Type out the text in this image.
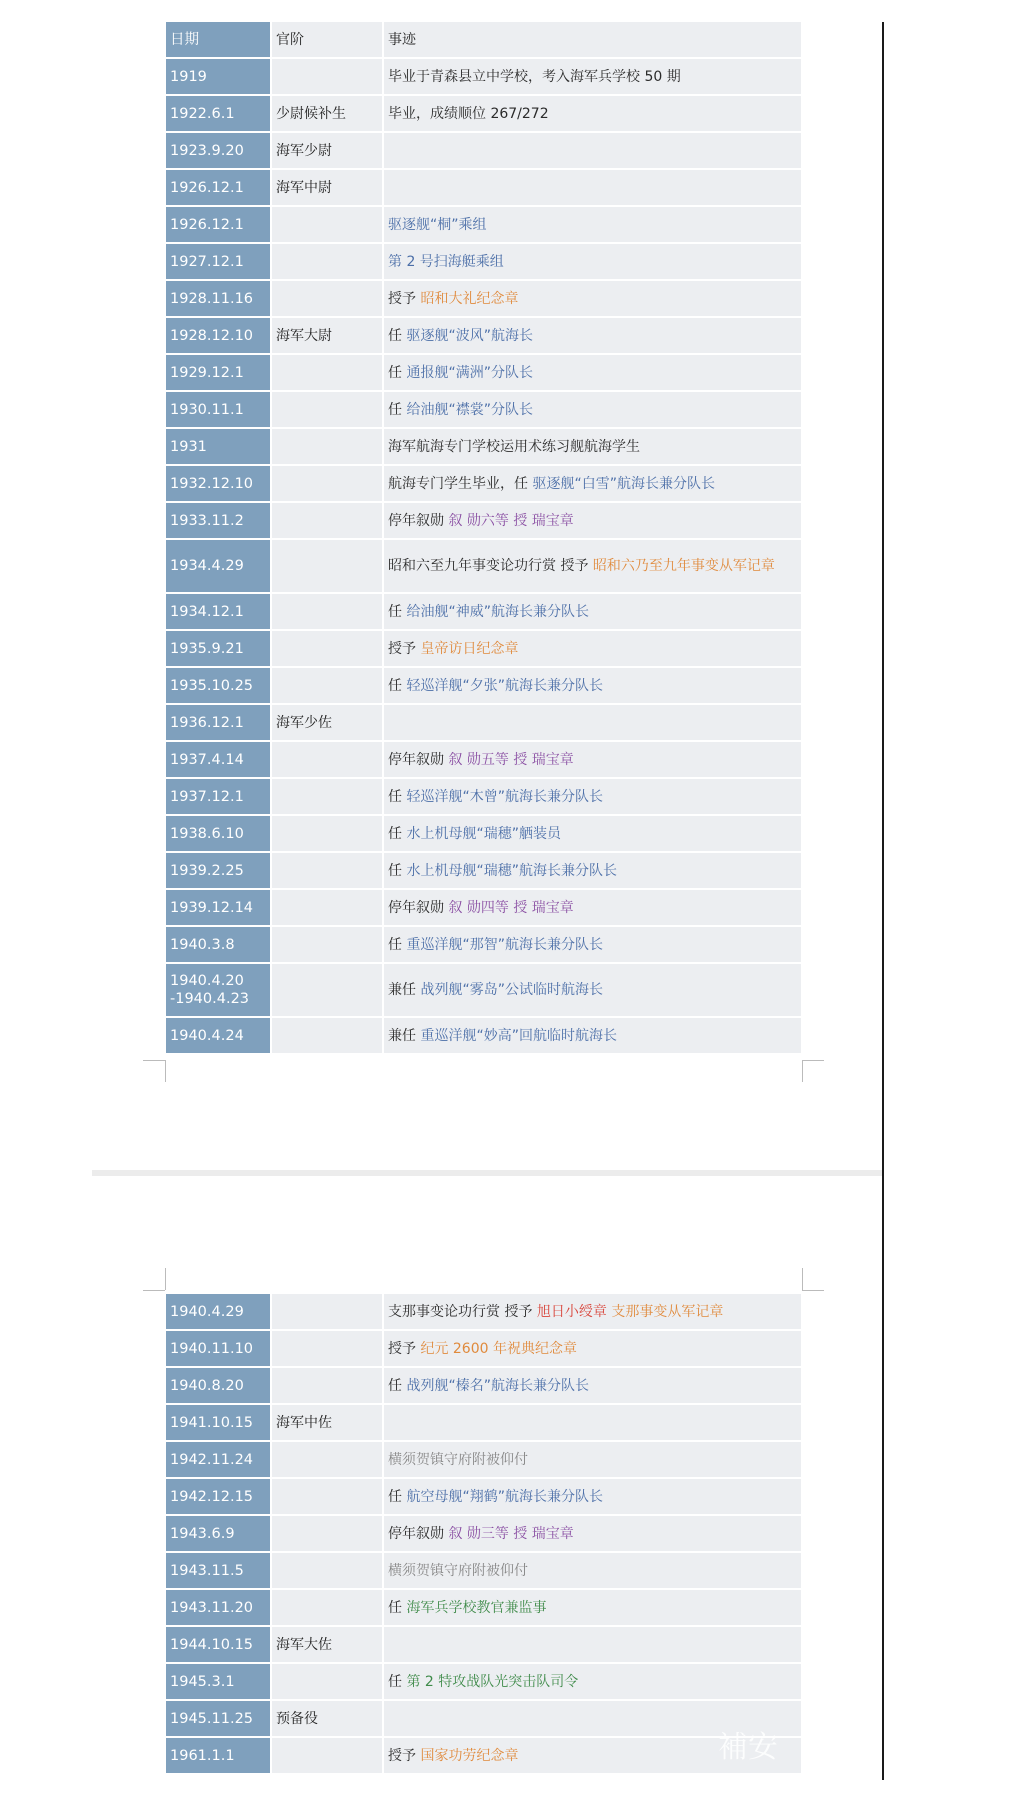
日期	官阶	事迹
1919		毕业于青森县立中学校，考入海军兵学校 50 期
1922.6.1	少尉候补生	毕业，成绩顺位 267/272
1923.9.20	海军少尉	
1926.12.1	海军中尉	
1926.12.1		驱逐舰“桐”乘组
1927.12.1		第 2 号扫海艇乘组
1928.11.16		授予 昭和大礼纪念章
1928.12.10	海军大尉	任 驱逐舰“波风”航海长
1929.12.1		任 通报舰“满洲”分队长
1930.11.1		任 给油舰“襟裳”分队长
1931		海军航海专门学校运用术练习舰航海学生
1932.12.10		航海专门学生毕业，任 驱逐舰“白雪”航海长兼分队长
1933.11.2		停年叙勋 叙 勋六等 授 瑞宝章
1934.4.29		昭和六至九年事变论功行赏 授予 昭和六乃至九年事变从军记章
1934.12.1		任 给油舰“神威”航海长兼分队长
1935.9.21		授予 皇帝访日纪念章
1935.10.25		任 轻巡洋舰“夕张”航海长兼分队长
1936.12.1	海军少佐	
1937.4.14		停年叙勋 叙 勋五等 授 瑞宝章
1937.12.1		任 轻巡洋舰“木曾”航海长兼分队长
1938.6.10		任 水上机母舰“瑞穗”舾装员
1939.2.25		任 水上机母舰“瑞穗”航海长兼分队长
1939.12.14		停年叙勋 叙 勋四等 授 瑞宝章
1940.3.8		任 重巡洋舰“那智”航海长兼分队长
1940.4.20
-1940.4.23		兼任 战列舰“雾岛”公试临时航海长
1940.4.24		兼任 重巡洋舰“妙高”回航临时航海长
1940.4.29		支那事变论功行赏 授予 旭日小绶章 支那事变从军记章
1940.11.10		授予 纪元 2600 年祝典纪念章
1940.8.20		任 战列舰“榛名”航海长兼分队长
1941.10.15	海军中佐	
1942.11.24		横须贺镇守府附被仰付
1942.12.15		任 航空母舰“翔鹤”航海长兼分队长
1943.6.9		停年叙勋 叙 勋三等 授 瑞宝章
1943.11.5		横须贺镇守府附被仰付
1943.11.20		任 海军兵学校教官兼监事
1944.10.15	海军大佐	
1945.3.1		任 第 2 特攻战队光突击队司令
1945.11.25	预备役	
1961.1.1		授予 国家功劳纪念章	補安
